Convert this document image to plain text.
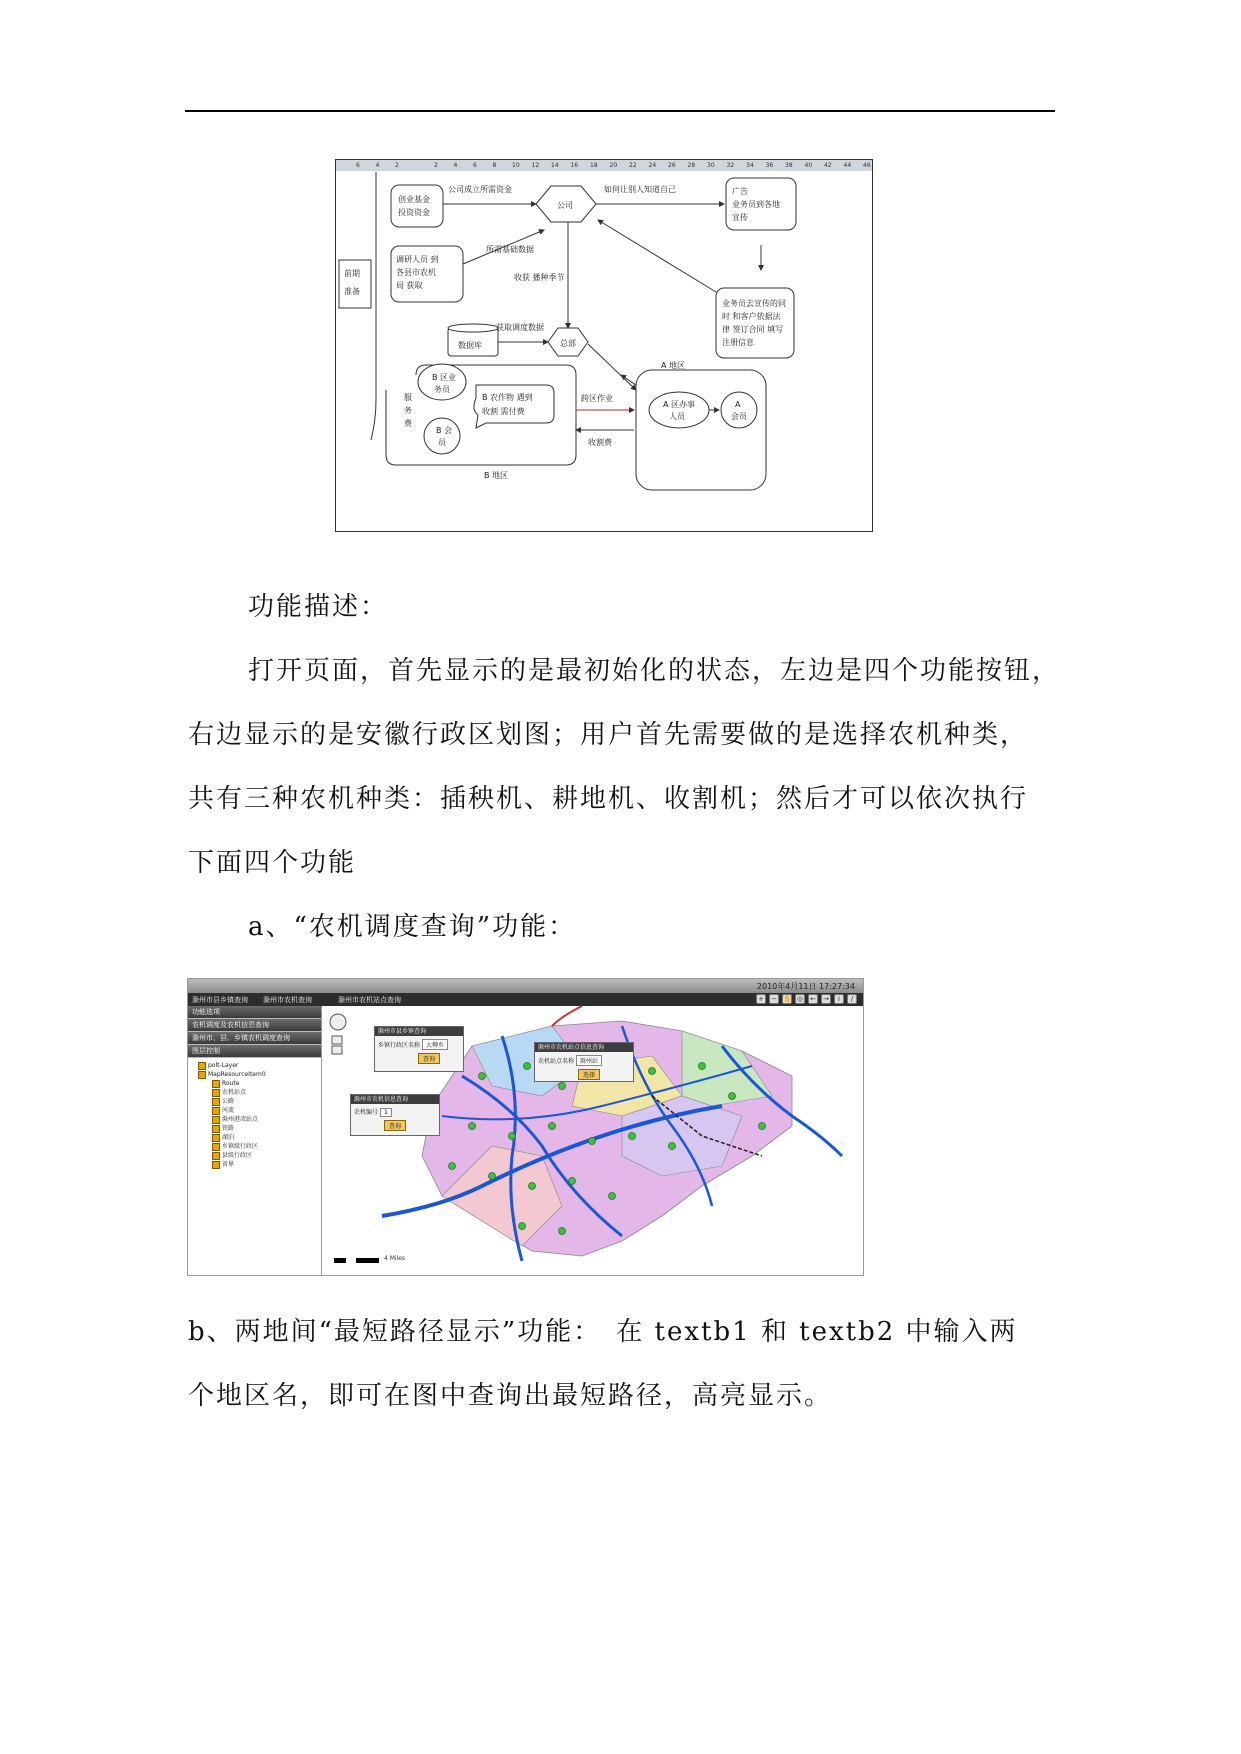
6	4	2	2	4	6	8	10 12 14 16 18 20 22 24 26 28 30 32 34 36 38 40 42 44 46
前期
准备
创业基金
投资资金
公司成立所需资金
公司
如何让别人知道自己	广告
业务员到各地
宣传
调研人员 到
各县市农机
局 获取
所需基础数据
收获 播种季节
业务员去宣传的同
时 和客户依据法
律 签订合同 填写
注册信息
数据库
获取调度数据
总部
A 地区
A 区办事
人员
A
会员
B 区业
务员
B 农作物 遇到
收割 需付费
B 会
员
服
务
费
跨区作业
收割费
B 地区
功能描述：
打开页面，首先显示的是最初始化的状态，左边是四个功能按钮，
右边显示的是安徽行政区划图；用户首先需要做的是选择农机种类，
共有三种农机种类：插秧机、耕地机、收割机；然后才可以依次执行
下面四个功能
a、“农机调度查询”功能：
2010年4月11日 17:27:34
滁州市县乡镇查询 滁州市农机查询	滁州市农机站点查询	+ − ✋ ◎ ← →	i	/
功能选项
农机调度及农机信息查询
滁州市、县、乡镇农机调度查询
图层控制
polt-Layer
MapResourceItem0
Route
农机站点
公路
河流
滁州港湾站点
铁路
湖泊
乡镇级行政区
县级行政区
省界
4 Miles
滁州市县乡镇查询
乡镇行政区名称 大柳乡
查询
滁州市农机站点信息查询
农机站点名称 滁州站
选择
滁州市农机信息查询
农机编号 1
查询
b、两地间“最短路径显示”功能：　在 textb1 和 textb2 中输入两
个地区名，即可在图中查询出最短路径，高亮显示。
